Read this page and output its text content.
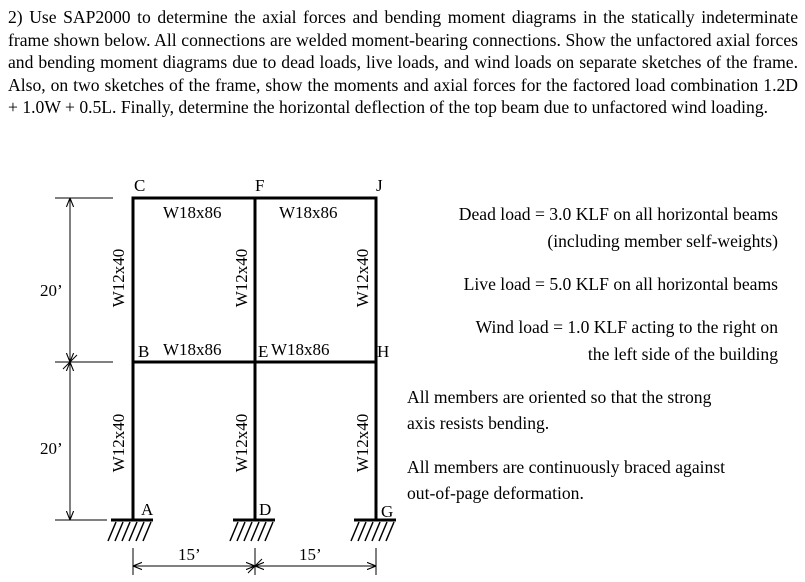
2) Use SAP2000 to determine the axial forces and bending moment diagrams in the statically indeterminate frame shown below. All connections are welded moment-bearing connections. Show the unfactored axial forces and bending moment diagrams due to dead loads, live loads, and wind loads on separate sketches of the frame. Also, on two sketches of the frame, show the moments and axial forces for the factored load combination 1.2D + 1.0W + 0.5L. Finally, determine the horizontal deflection of the top beam due to unfactored wind loading.

C	F	J
B	E	H
A	D	G
W18x86	W18x86
W18x86	W18x86
W12x40	W12x40	W12x40
W12x40	W12x40	W12x40
20’
20’
15’	15’

Dead load = 3.0 KLF on all horizontal beams

(including member self-weights)

Live load = 5.0 KLF on all horizontal beams

Wind load = 1.0 KLF acting to the right on

the left side of the building

All members are oriented so that the strong

axis resists bending.

All members are continuously braced against

out-of-page deformation.
